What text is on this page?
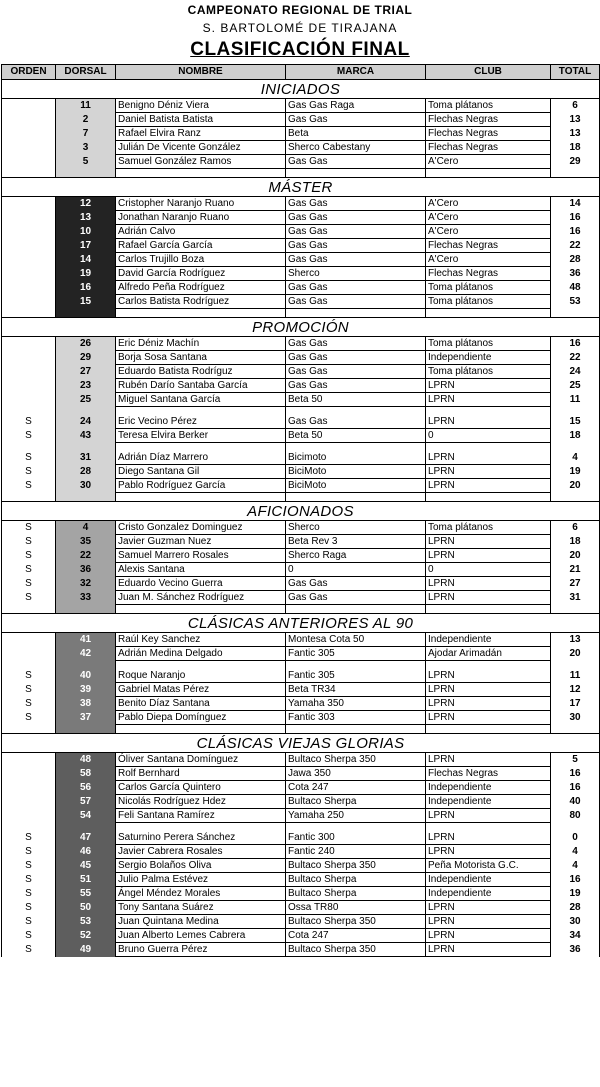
CAMPEONATO REGIONAL DE TRIAL
S. BARTOLOMÉ DE TIRAJANA
CLASIFICACIÓN FINAL
ORDEN	DORSAL	NOMBRE	MARCA	CLUB	TOTAL
INICIADOS					
	11	Benigno Déniz Viera	Gas Gas Raga	Toma plátanos	6
	2	Daniel Batista Batista	Gas Gas	Flechas Negras	13
	7	Rafael Elvira Ranz	Beta	Flechas Negras	13
	3	Julián De Vicente González	Sherco Cabestany	Flechas Negras	18
	5	Samuel González Ramos	Gas Gas	A'Cero	29

MÁSTER					
	12	Cristopher Naranjo Ruano	Gas Gas	A'Cero	14
	13	Jonathan Naranjo Ruano	Gas Gas	A'Cero	16
	10	Adrián Calvo	Gas Gas	A'Cero	16
	17	Rafael García García	Gas Gas	Flechas Negras	22
	14	Carlos Trujillo Boza	Gas Gas	A'Cero	28
	19	David García Rodríguez	Sherco	Flechas Negras	36
	16	Alfredo Peña Rodríguez	Gas Gas	Toma plátanos	48
	15	Carlos Batista Rodríguez	Gas Gas	Toma plátanos	53

PROMOCIÓN					
	26	Eric Déniz Machín	Gas Gas	Toma plátanos	16
	29	Borja Sosa Santana	Gas Gas	Independiente	22
	27	Eduardo Batista Rodríguz	Gas Gas	Toma plátanos	24
	23	Rubén Darío Santaba García	Gas Gas	LPRN	25
	25	Miguel Santana García	Beta 50	LPRN	11

S	24	Eric Vecino Pérez	Gas Gas	LPRN	15
S	43	Teresa Elvira Berker	Beta 50	0	18

S	31	Adrián Díaz Marrero	Bicimoto	LPRN	4
S	28	Diego Santana Gil	BiciMoto	LPRN	19
S	30	Pablo Rodríguez García	BiciMoto	LPRN	20

AFICIONADOS					
S	4	Cristo Gonzalez Dominguez	Sherco	Toma plátanos	6
S	35	Javier Guzman Nuez	Beta Rev 3	LPRN	18
S	22	Samuel Marrero Rosales	Sherco Raga	LPRN	20
S	36	Alexis Santana	0	0	21
S	32	Eduardo Vecino Guerra	Gas Gas	LPRN	27
S	33	Juan M. Sánchez Rodríguez	Gas Gas	LPRN	31

CLÁSICAS ANTERIORES AL 90					
	41	Raúl Key Sanchez	Montesa Cota 50	Independiente	13
	42	Adrián Medina Delgado	Fantic 305	Ajodar Arimadán	20

S	40	Roque Naranjo	Fantic 305	LPRN	11
S	39	Gabriel Matas Pérez	Beta TR34	LPRN	12
S	38	Benito Díaz Santana	Yamaha 350	LPRN	17
S	37	Pablo Diepa Domínguez	Fantic 303	LPRN	30

CLÁSICAS VIEJAS GLORIAS					
	48	Óliver Santana Domínguez	Bultaco Sherpa 350	LPRN	5
	58	Rolf Bernhard	Jawa 350	Flechas Negras	16
	56	Carlos García Quintero	Cota 247	Independiente	16
	57	Nicolás Rodríguez Hdez	Bultaco Sherpa	Independiente	40
	54	Feli Santana Ramírez	Yamaha 250	LPRN	80

S	47	Saturnino Perera Sánchez	Fantic 300	LPRN	0
S	46	Javier Cabrera Rosales	Fantic 240	LPRN	4
S	45	Sergio Bolaños Oliva	Bultaco Sherpa 350	Peña Motorista G.C.	4
S	51	Julio Palma Estévez	Bultaco Sherpa	Independiente	16
S	55	Ángel Méndez Morales	Bultaco Sherpa	Independiente	19
S	50	Tony Santana Suárez	Ossa TR80	LPRN	28
S	53	Juan Quintana Medina	Bultaco Sherpa 350	LPRN	30
S	52	Juan Alberto Lemes Cabrera	Cota 247	LPRN	34
S	49	Bruno Guerra Pérez	Bultaco Sherpa 350	LPRN	36
